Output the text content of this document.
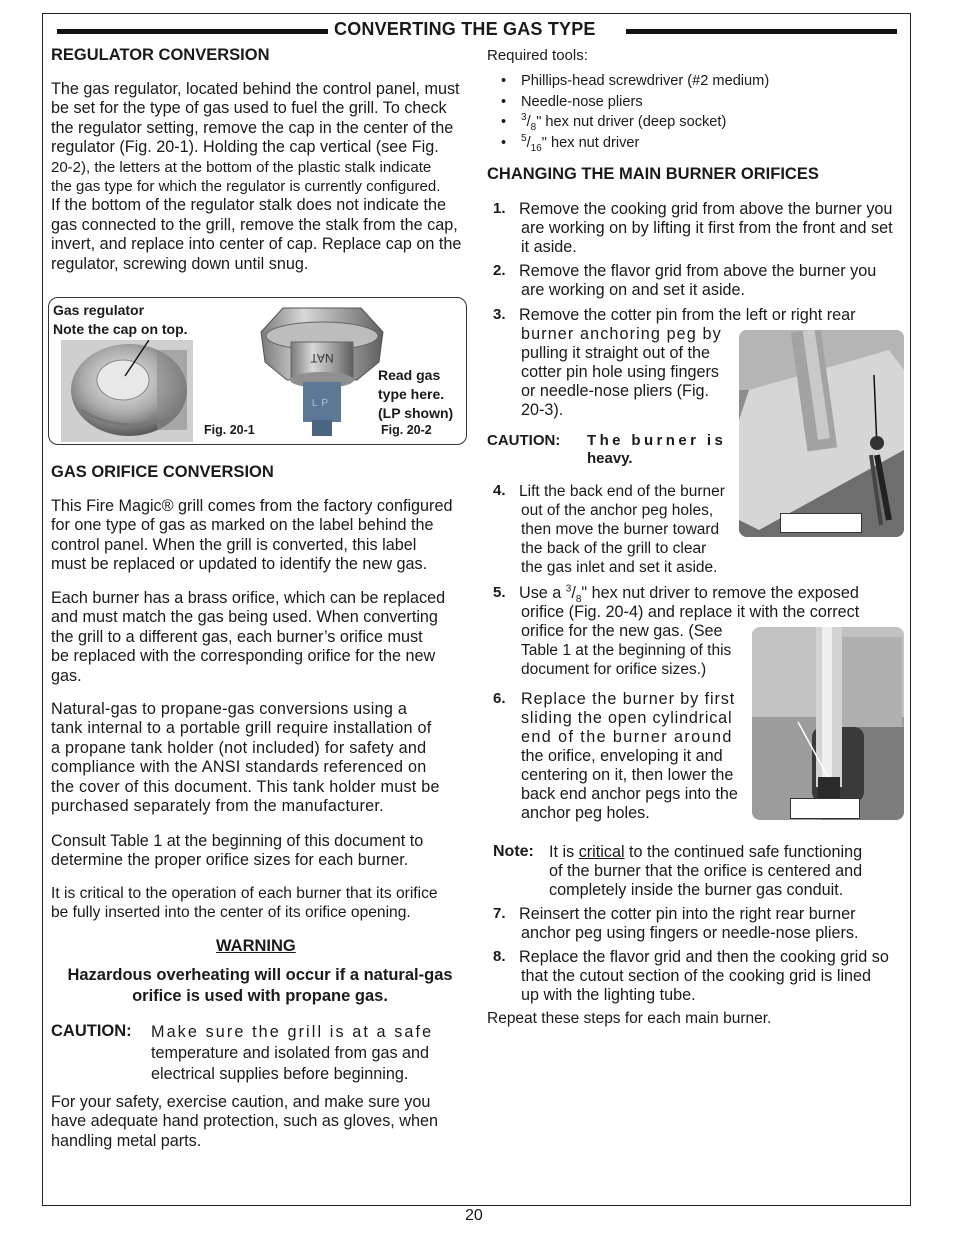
CONVERTING THE GAS TYPE
REGULATOR CONVERSION
The gas regulator, located behind the control panel, must
be set for the type of gas used to fuel the grill. To check
the regulator setting, remove the cap in the center of the
regulator (Fig. 20-1). Holding the cap vertical (see Fig.
20-2), the letters at the bottom of the plastic stalk indicate
the gas type for which the regulator is currently configured.
If the bottom of the regulator stalk does not indicate the
gas connected to the grill, remove the stalk from the cap,
invert, and replace into center of cap. Replace cap on the
regulator, screwing down until snug.
Gas regulator
Note the cap on top.
Fig. 20-1
NAT
LP
Read gas
type here.
(LP shown)
Fig. 20-2
GAS ORIFICE CONVERSION
This Fire Magic® grill comes from the factory configured
for one type of gas as marked on the label behind the
control panel. When the grill is converted, this label
must be replaced or updated to identify the new gas.
Each burner has a brass orifice, which can be replaced
and must match the gas being used. When converting
the grill to a different gas, each burner’s orifice must
be replaced with the corresponding orifice for the new
gas.
Natural-gas to propane-gas conversions using a
tank internal to a portable grill require installation of
a propane tank holder (not included) for safety and
compliance with the ANSI standards referenced on
the cover of this document. This tank holder must be
purchased separately from the manufacturer.
Consult Table 1 at the beginning of this document to
determine the proper orifice sizes for each burner.
It is critical to the operation of each burner that its orifice
be fully inserted into the center of its orifice opening.
WARNING
Hazardous overheating will occur if a natural-gas
orifice is used with propane gas.
CAUTION: Make sure the grill is at a safe
temperature and isolated from gas and
electrical supplies before beginning.
For your safety, exercise caution, and make sure you
have adequate hand protection, such as gloves, when
handling metal parts.
Required tools:
• Phillips-head screwdriver (#2 medium)
• Needle-nose pliers
• $^3/_8$" hex nut driver (deep socket)
• $^5/_{16}$" hex nut driver
CHANGING THE MAIN BURNER ORIFICES
1. Remove the cooking grid from above the burner you
are working on by lifting it first from the front and set
it aside.
2. Remove the flavor grid from above the burner you
are working on and set it aside.
3. Remove the cotter pin from the left or right rear
burner anchoring peg by
pulling it straight out of the
cotter pin hole using fingers
or needle-nose pliers (Fig.
20-3).
CAUTION: The burner is
heavy.
4. Lift the back end of the burner
out of the anchor peg holes,
then move the burner toward
the back of the grill to clear
the gas inlet and set it aside.
5. Use a $^3/_8$" hex nut driver to remove the exposed
orifice (Fig. 20-4) and replace it with the correct
orifice for the new gas. (See
Table 1 at the beginning of this
document for orifice sizes.)
6. Replace the burner by first
sliding the open cylindrical
end of the burner around
the orifice, enveloping it and
centering on it, then lower the
back end anchor pegs into the
anchor peg holes.
Note: It is critical to the continued safe functioning
of the burner that the orifice is centered and
completely inside the burner gas conduit.
7. Reinsert the cotter pin into the right rear burner
anchor peg using fingers or needle-nose pliers.
8. Replace the flavor grid and then the cooking grid so
that the cutout section of the cooking grid is lined
up with the lighting tube.
Repeat these steps for each main burner.
20
